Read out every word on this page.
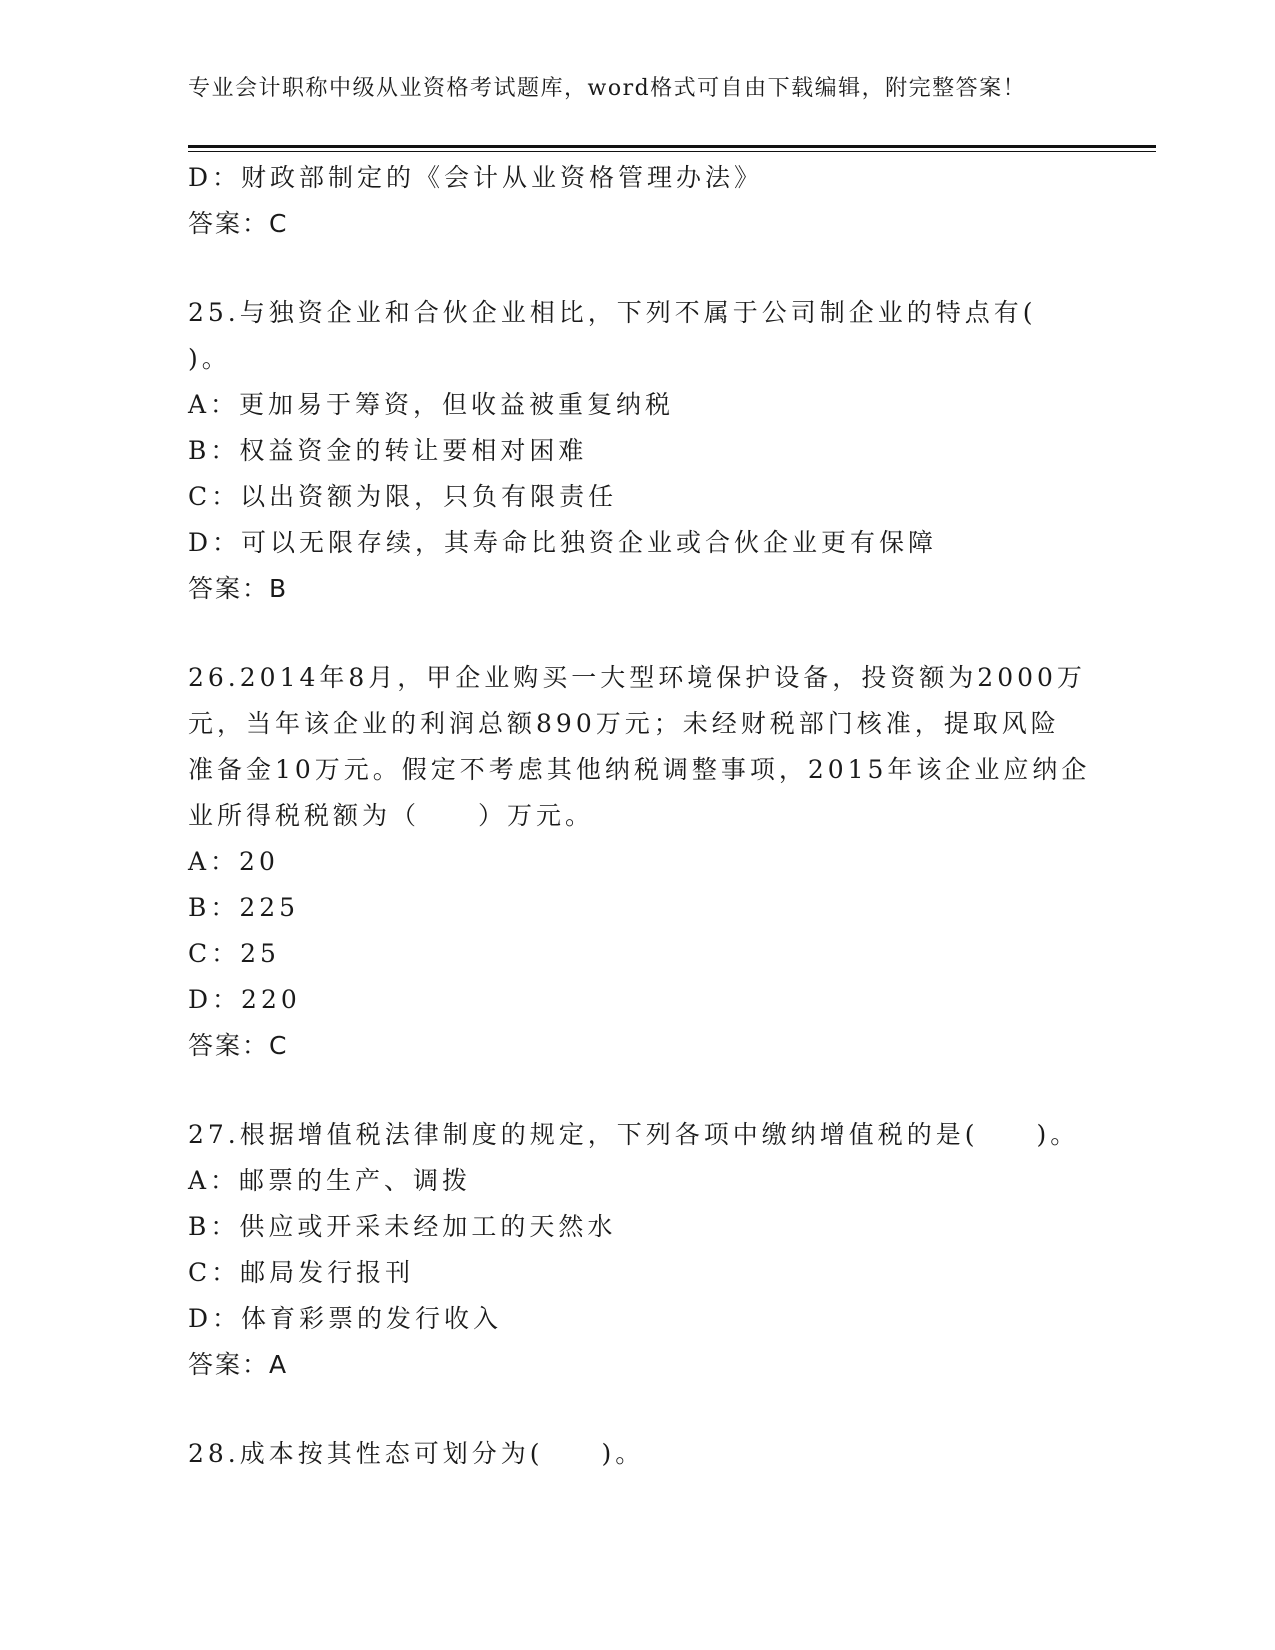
专业会计职称中级从业资格考试题库，word格式可自由下载编辑，附完整答案！
D：财政部制定的《会计从业资格管理办法》
答案：C
25.与独资企业和合伙企业相比，下列不属于公司制企业的特点有(
)。
A：更加易于筹资，但收益被重复纳税
B：权益资金的转让要相对困难
C：以出资额为限，只负有限责任
D：可以无限存续，其寿命比独资企业或合伙企业更有保障
答案：B
26.2014年8月，甲企业购买一大型环境保护设备，投资额为2000万
元，当年该企业的利润总额890万元；未经财税部门核准，提取风险
准备金10万元。假定不考虑其他纳税调整事项，2015年该企业应纳企
业所得税税额为（　　）万元。
A：20
B：225
C：25
D：220
答案：C
27.根据增值税法律制度的规定，下列各项中缴纳增值税的是(　　)。
A：邮票的生产、调拨
B：供应或开采未经加工的天然水
C：邮局发行报刊
D：体育彩票的发行收入
答案：A
28.成本按其性态可划分为(　　)。
